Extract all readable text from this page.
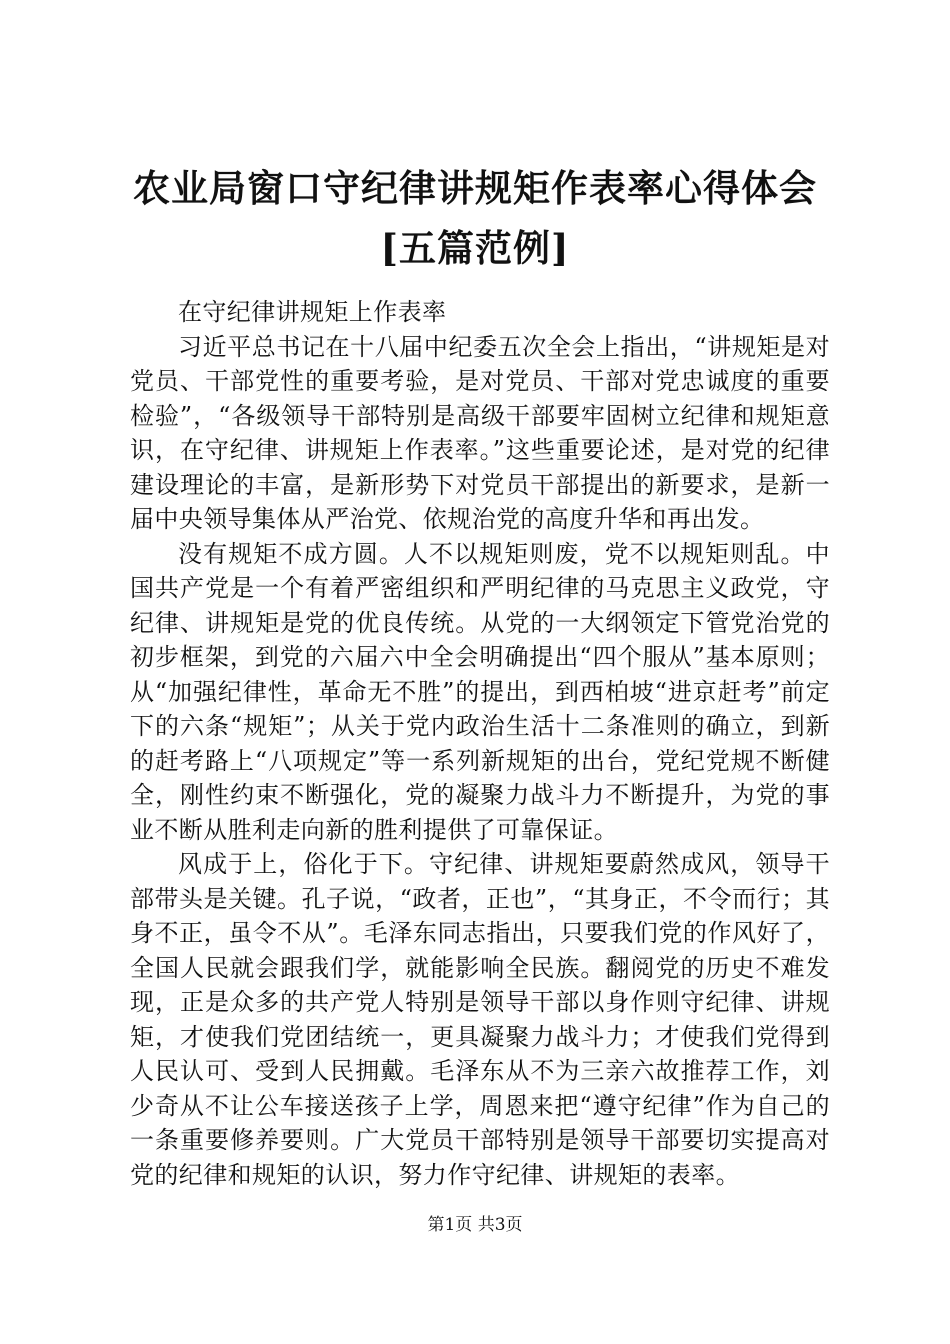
农业局窗口守纪律讲规矩作表率心得体会[五篇范例]

在守纪律讲规矩上作表率

习近平总书记在十八届中纪委五次全会上指出，“讲规矩是对党员、干部党性的重要考验，是对党员、干部对党忠诚度的重要检验”，“各级领导干部特别是高级干部要牢固树立纪律和规矩意识，在守纪律、讲规矩上作表率。”这些重要论述，是对党的纪律建设理论的丰富，是新形势下对党员干部提出的新要求，是新一届中央领导集体从严治党、依规治党的高度升华和再出发。

没有规矩不成方圆。人不以规矩则废，党不以规矩则乱。中国共产党是一个有着严密组织和严明纪律的马克思主义政党，守纪律、讲规矩是党的优良传统。从党的一大纲领定下管党治党的初步框架，到党的六届六中全会明确提出“四个服从”基本原则；从“加强纪律性，革命无不胜”的提出，到西柏坡“进京赶考”前定下的六条“规矩”；从关于党内政治生活十二条准则的确立，到新的赶考路上“八项规定”等一系列新规矩的出台，党纪党规不断健全，刚性约束不断强化，党的凝聚力战斗力不断提升，为党的事业不断从胜利走向新的胜利提供了可靠保证。

风成于上，俗化于下。守纪律、讲规矩要蔚然成风，领导干部带头是关键。孔子说，“政者，正也”，“其身正，不令而行；其身不正，虽令不从”。毛泽东同志指出，只要我们党的作风好了，全国人民就会跟我们学，就能影响全民族。翻阅党的历史不难发现，正是众多的共产党人特别是领导干部以身作则守纪律、讲规矩，才使我们党团结统一，更具凝聚力战斗力；才使我们党得到人民认可、受到人民拥戴。毛泽东从不为三亲六故推荐工作，刘少奇从不让公车接送孩子上学，周恩来把“遵守纪律”作为自己的一条重要修养要则。广大党员干部特别是领导干部要切实提高对党的纪律和规矩的认识，努力作守纪律、讲规矩的表率。

第1页 共3页
